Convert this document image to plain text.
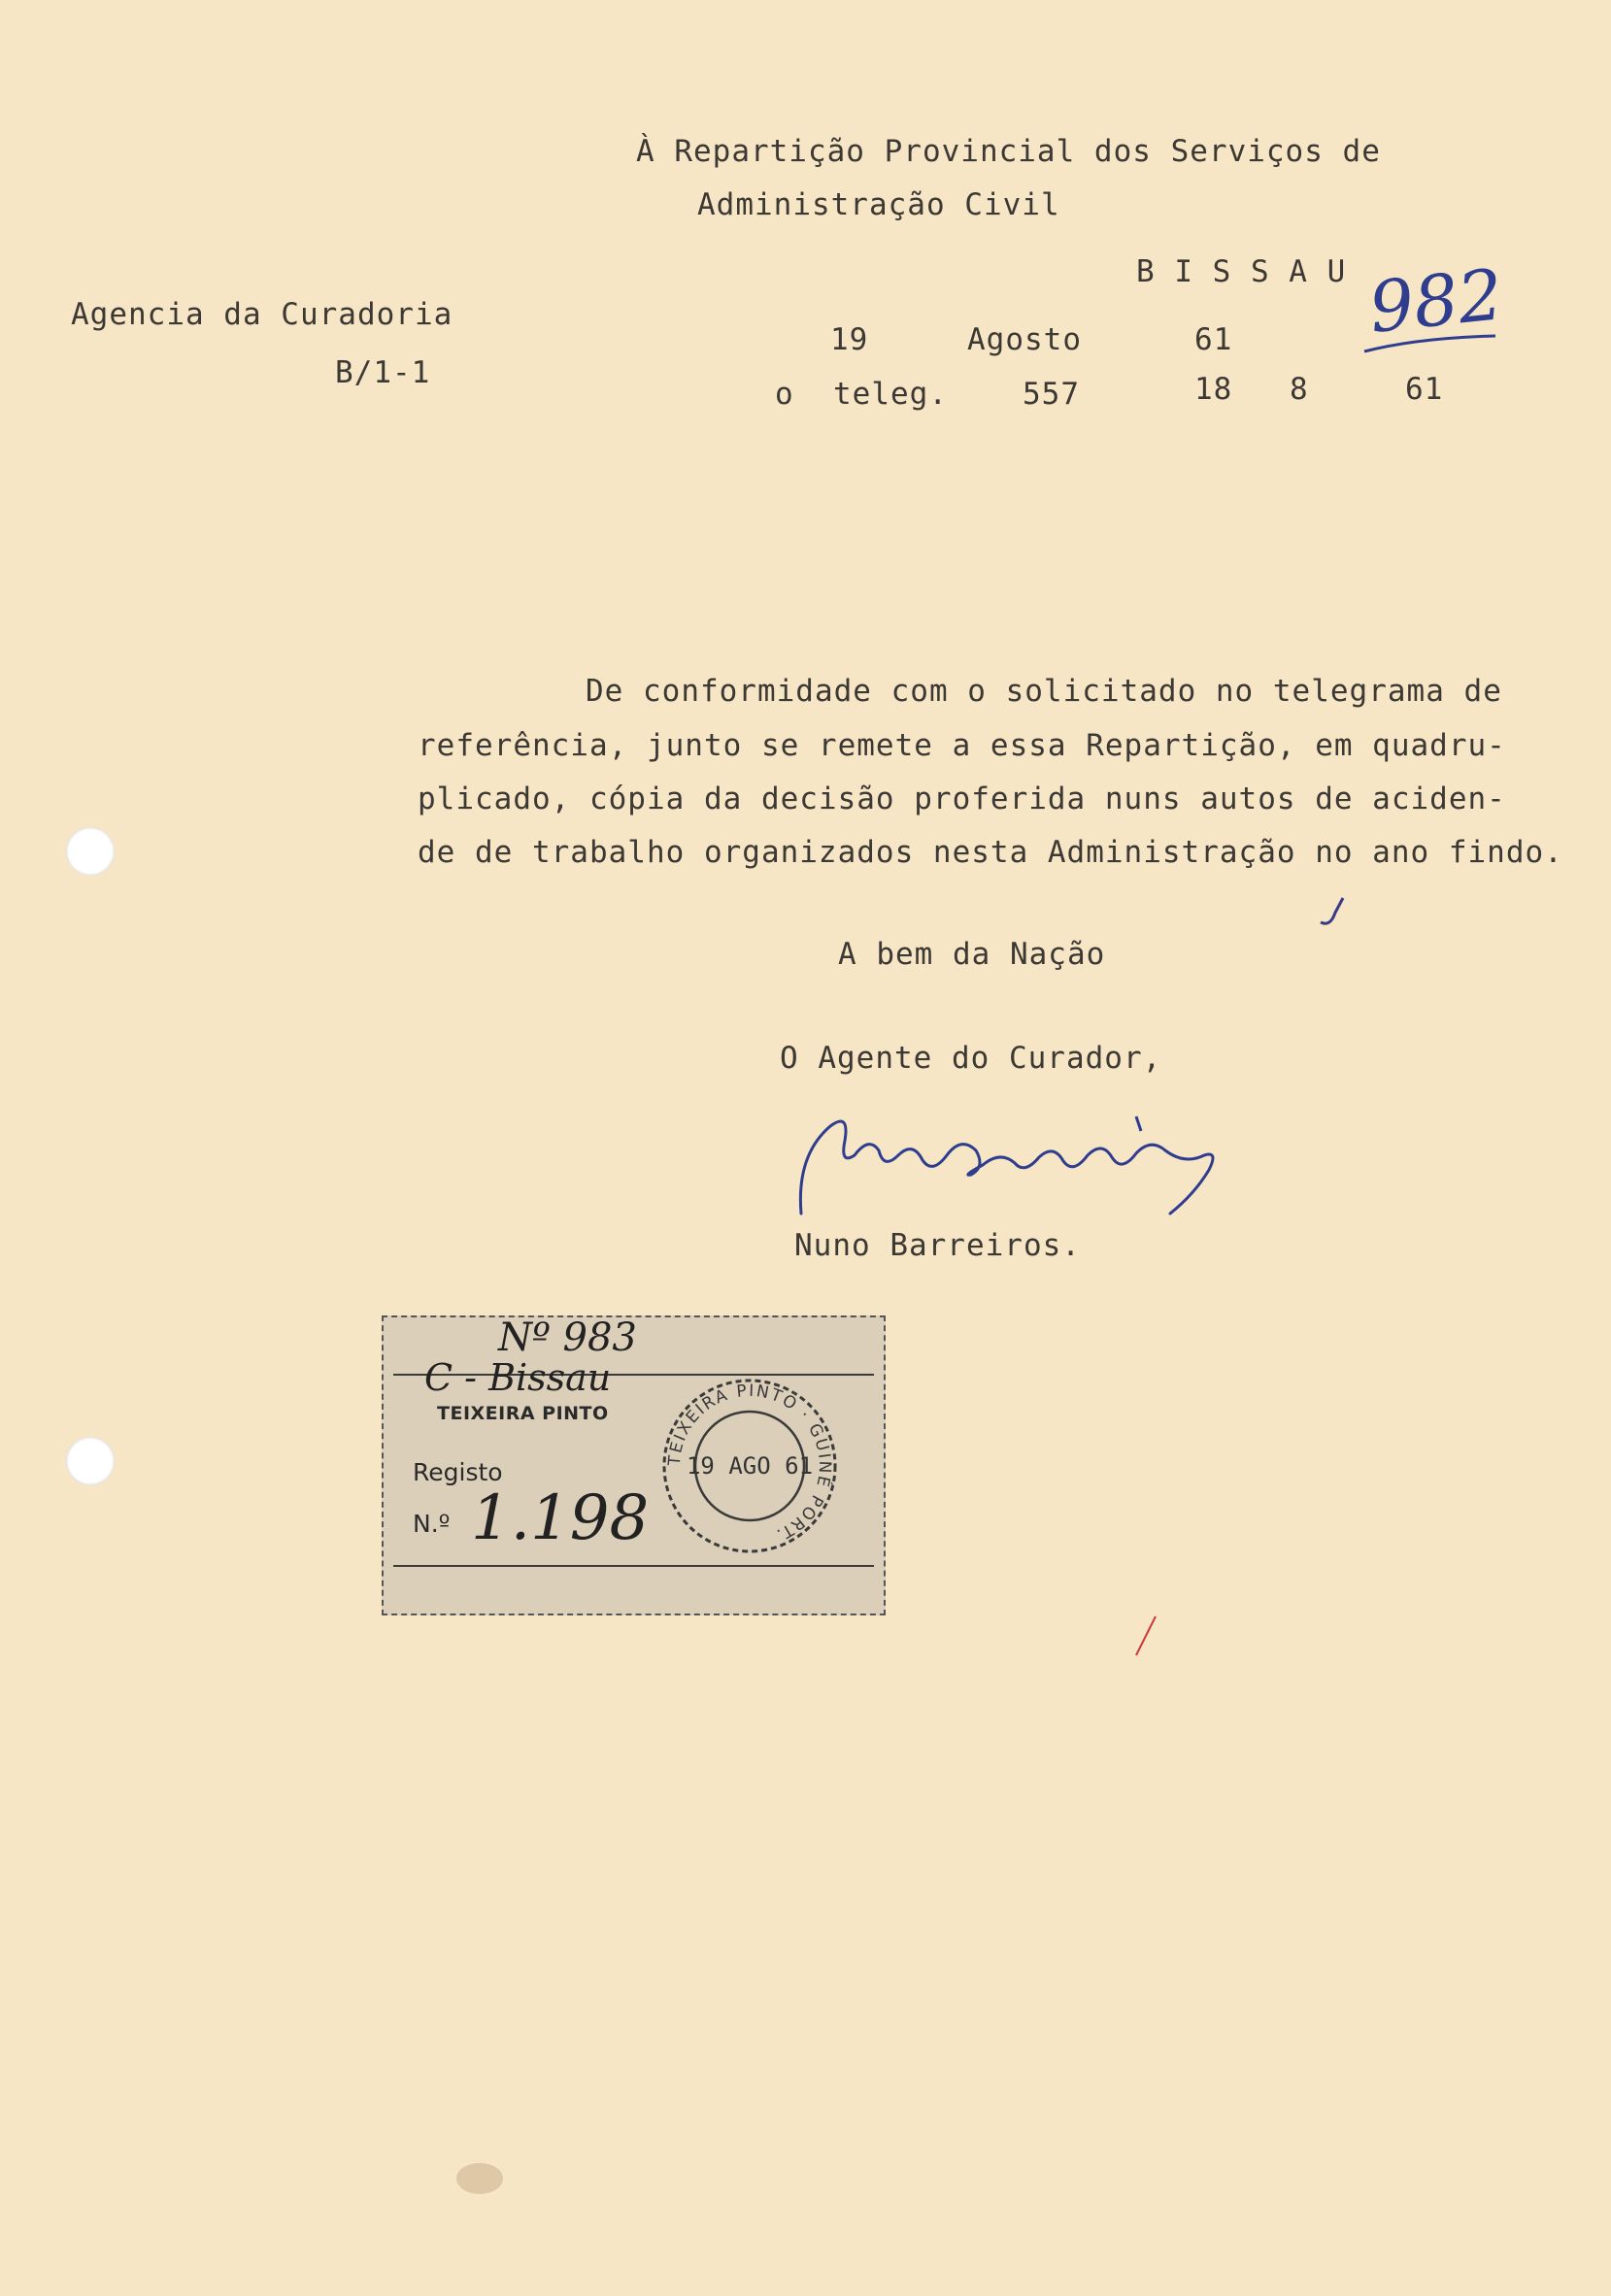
À Repartição Provincial dos Serviços de
Administração Civil
B I S S A U
Agencia da Curadoria
B/1-1
19	Agosto	61 982
o teleg. 557	18 8	61
De conformidade com o solicitado no telegrama de
referência, junto se remete a essa Repartição, em quadru-
plicado, cópia da decisão proferida nuns autos de aciden-
de de trabalho organizados nesta Administração no ano findo.
A bem da Nação
O Agente do Curador,
Nuno Barreiros.
Nº 983
C - Bissau
TEIXEIRA PINTO
Registo
N.º 1.198
TEIXEIRA PINTO · GUINÉ PORT.
19 AGO 61
